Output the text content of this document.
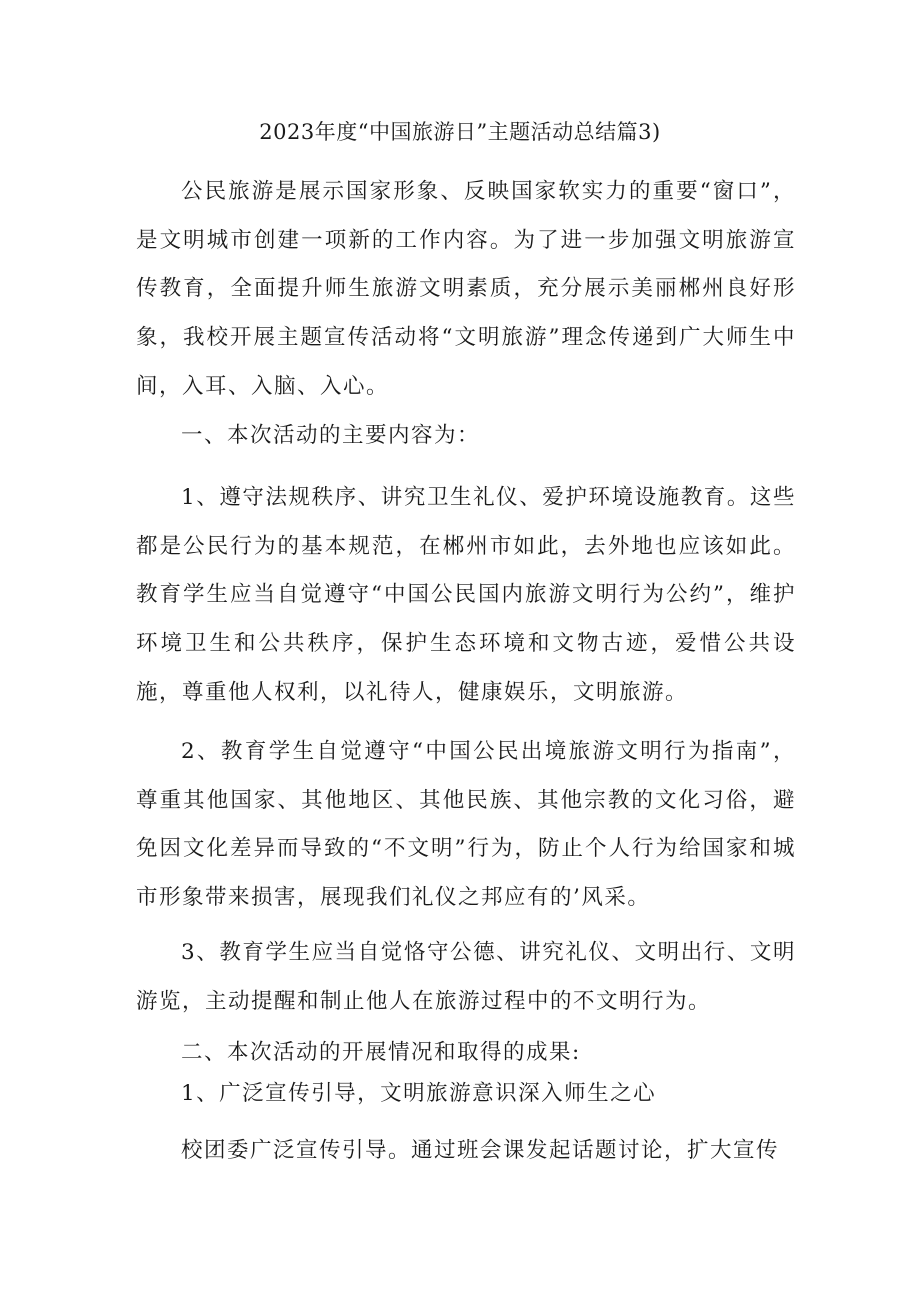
2023年度“中国旅游日”主题活动总结篇3)
公民旅游是展示国家形象、反映国家软实力的重要“窗口”，是文明城市创建一项新的工作内容。为了进一步加强文明旅游宣传教育，全面提升师生旅游文明素质，充分展示美丽郴州良好形象，我校开展主题宣传活动将“文明旅游”理念传递到广大师生中间，入耳、入脑、入心。
一、本次活动的主要内容为：
1、遵守法规秩序、讲究卫生礼仪、爱护环境设施教育。这些都是公民行为的基本规范，在郴州市如此，去外地也应该如此。教育学生应当自觉遵守“中国公民国内旅游文明行为公约”，维护环境卫生和公共秩序，保护生态环境和文物古迹，爱惜公共设施，尊重他人权利，以礼待人，健康娱乐，文明旅游。
2、教育学生自觉遵守“中国公民出境旅游文明行为指南”，尊重其他国家、其他地区、其他民族、其他宗教的文化习俗，避免因文化差异而导致的“不文明”行为，防止个人行为给国家和城市形象带来损害，展现我们礼仪之邦应有的’风采。
3、教育学生应当自觉恪守公德、讲究礼仪、文明出行、文明游览，主动提醒和制止他人在旅游过程中的不文明行为。
二、本次活动的开展情况和取得的成果:
1、广泛宣传引导，文明旅游意识深入师生之心
校团委广泛宣传引导。通过班会课发起话题讨论，扩大宣传
